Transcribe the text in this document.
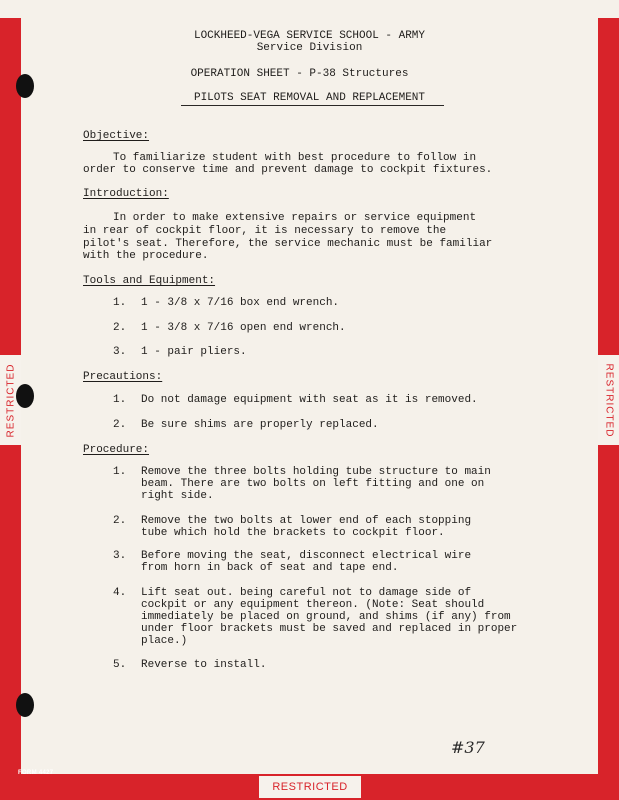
RESTRICTED	RESTRICTED
RESTRICTED
FORM 4427
LOCKHEED-VEGA SERVICE SCHOOL - ARMY
Service Division
OPERATION SHEET - P-38 Structures
PILOTS SEAT REMOVAL AND REPLACEMENT
Objective:
To familiarize student with best procedure to follow in
order to conserve time and prevent damage to cockpit fixtures.
Introduction:
In order to make extensive repairs or service equipment
in rear of cockpit floor, it is necessary to remove the
pilot's seat. Therefore, the service mechanic must be familiar
with the procedure.
Tools and Equipment:
1. 1 - 3/8 x 7/16 box end wrench.
2. 1 - 3/8 x 7/16 open end wrench.
3. 1 - pair pliers.
Precautions:
1. Do not damage equipment with seat as it is removed.
2. Be sure shims are properly replaced.
Procedure:
1. Remove the three bolts holding tube structure to main
beam. There are two bolts on left fitting and one on
right side.
2. Remove the two bolts at lower end of each stopping
tube which hold the brackets to cockpit floor.
3. Before moving the seat, disconnect electrical wire
from horn in back of seat and tape end.
4. Lift seat out. being careful not to damage side of
cockpit or any equipment thereon. (Note: Seat should
immediately be placed on ground, and shims (if any) from
under floor brackets must be saved and replaced in proper
place.)
5. Reverse to install.
#37
